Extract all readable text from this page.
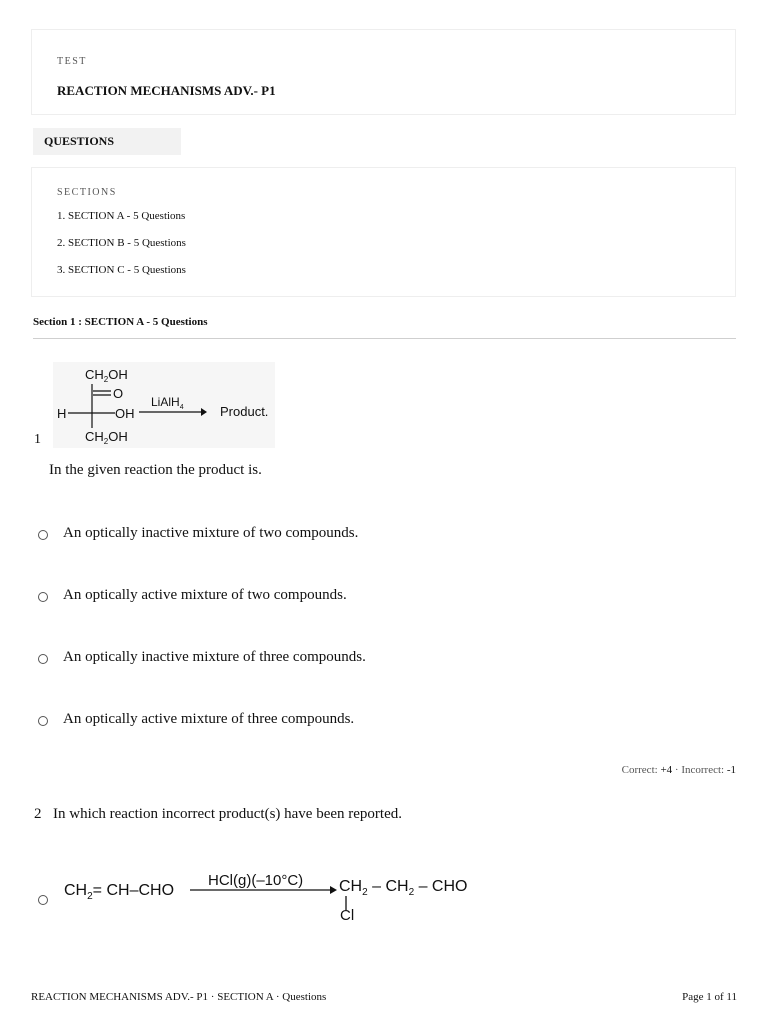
TEST
REACTION MECHANISMS ADV.- P1
QUESTIONS
SECTIONS
1. SECTION A - 5 Questions
2. SECTION B - 5 Questions
3. SECTION C - 5 Questions
Section 1 : SECTION A - 5 Questions
$CH_2OH$
O
H	OH
LiAlH$_4$	Product.
$CH_2OH$
1
In the given reaction the product is.
An optically inactive mixture of two compounds.
An optically active mixture of two compounds.
An optically inactive mixture of three compounds.
An optically active mixture of three compounds.
Correct: +4 · Incorrect: -1
2 In which reaction incorrect product(s) have been reported.
$CH_2= CH-CHO$
HCl(g)(–10°C) $CH_2 - CH_2$ – CHO
Cl
REACTION MECHANISMS ADV.- P1 · SECTION A · Questions	Page 1 of 11
